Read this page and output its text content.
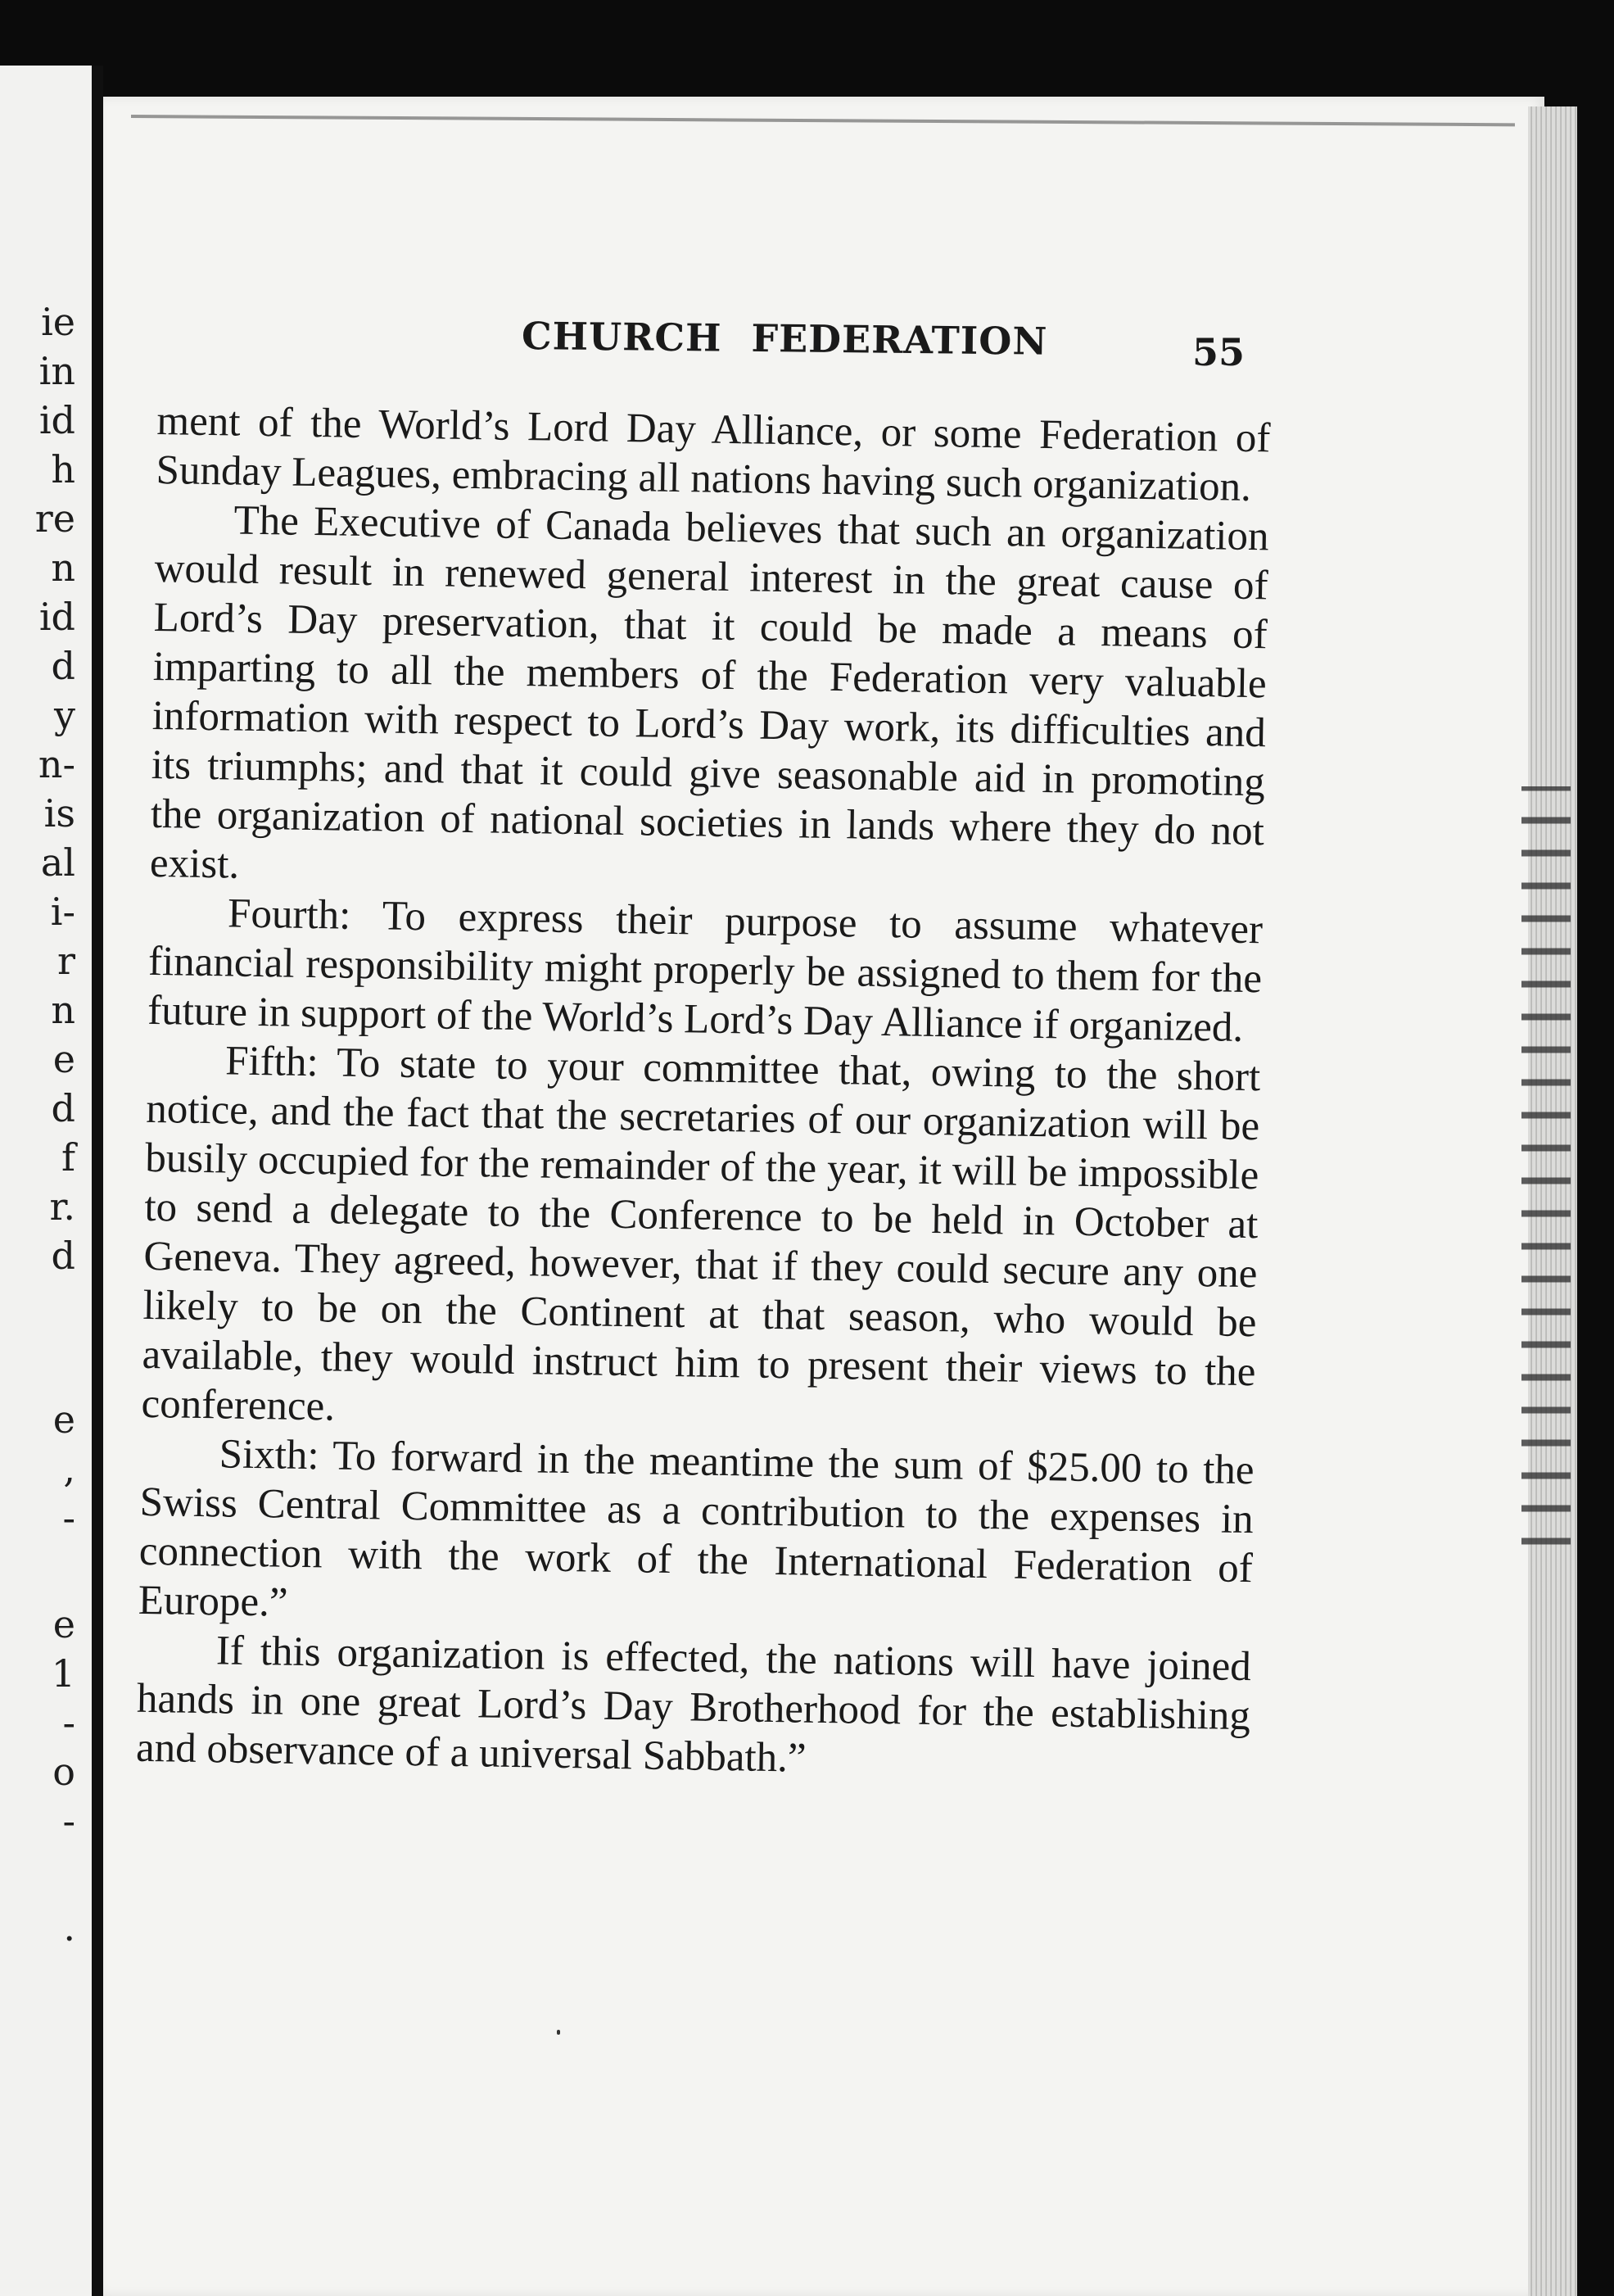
ie
in
id
h
re
n
id
d
y
n-
is
al
i-
r
n
e
d
f
r.
d
e
,
-
e
1
-
o
-
.
CHURCH FEDERATION	55

ment of the World’s Lord Day Alliance, or some Federation of Sunday Leagues, embracing all nations having such organization.

The Executive of Canada believes that such an organization would result in renewed general interest in the great cause of Lord’s Day preservation, that it could be made a means of imparting to all the members of the Federation very valuable information with respect to Lord’s Day work, its difficulties and its triumphs; and that it could give seasonable aid in promoting the organization of national societies in lands where they do not exist.

Fourth: To express their purpose to assume whatever financial responsibility might properly be assigned to them for the future in support of the World’s Lord’s Day Alliance if organized.

Fifth: To state to your committee that, owing to the short notice, and the fact that the secretaries of our organization will be busily occupied for the remainder of the year, it will be impossible to send a delegate to the Conference to be held in October at Geneva. They agreed, however, that if they could secure any one likely to be on the Continent at that season, who would be available, they would instruct him to present their views to the conference.

Sixth: To forward in the meantime the sum of $25.00 to the Swiss Central Committee as a contribution to the expenses in connection with the work of the International Federation of Europe.”

If this organization is effected, the nations will have joined hands in one great Lord’s Day Brotherhood for the establishing and observance of a universal Sabbath.”
